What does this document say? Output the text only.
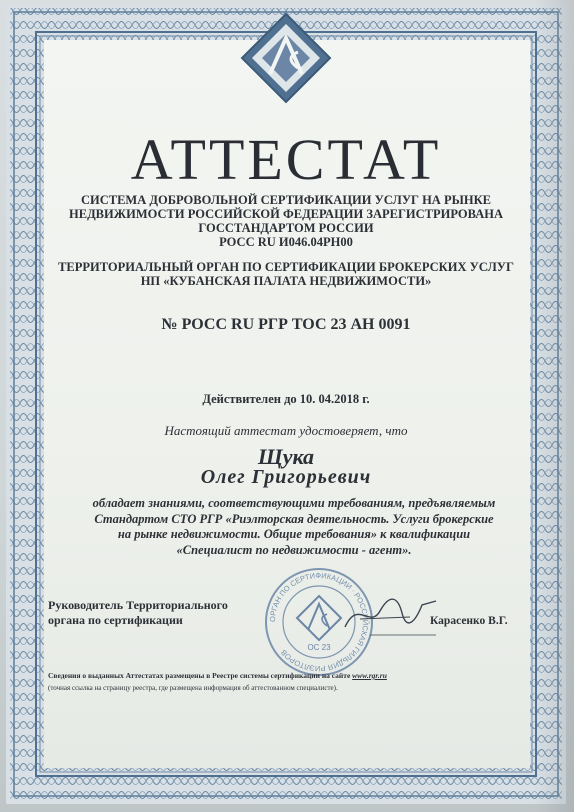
АТТЕСТАТ
СИСТЕМА ДОБРОВОЛЬНОЙ СЕРТИФИКАЦИИ УСЛУГ НА РЫНКЕ
НЕДВИЖИМОСТИ РОССИЙСКОЙ ФЕДЕРАЦИИ ЗАРЕГИСТРИРОВАНА
ГОССТАНДАРТОМ РОССИИ
РОСС RU И046.04РН00
ТЕРРИТОРИАЛЬНЫЙ ОРГАН ПО СЕРТИФИКАЦИИ БРОКЕРСКИХ УСЛУГ
НП «КУБАНСКАЯ ПАЛАТА НЕДВИЖИМОСТИ»
№ РОСС RU РГР ТОС 23 АН 0091
Действителен до 10. 04.2018 г.
Настоящий аттестат удостоверяет, что
Щука
Олег Григорьевич
обладает знаниями, соответствующими требованиям, предъявляемым
Стандартом СТО РГР «Риэлторская деятельность. Услуги брокерские
на рынке недвижимости. Общие требования» к квалификации
«Специалист по недвижимости - агент».
Руководитель Территориального
органа по сертификации	ОРГАН ПО СЕРТИФИКАЦИИ · РОССИЙСКАЯ ГИЛЬДИЯ РИЭЛТОРОВ
ОС 23
Карасенко В.Г.
Сведения о выданных Аттестатах размещены в Реестре системы сертификации на сайте www.rgr.ru
(точная ссылка на страницу реестра, где размещена информация об аттестованном специалисте).
